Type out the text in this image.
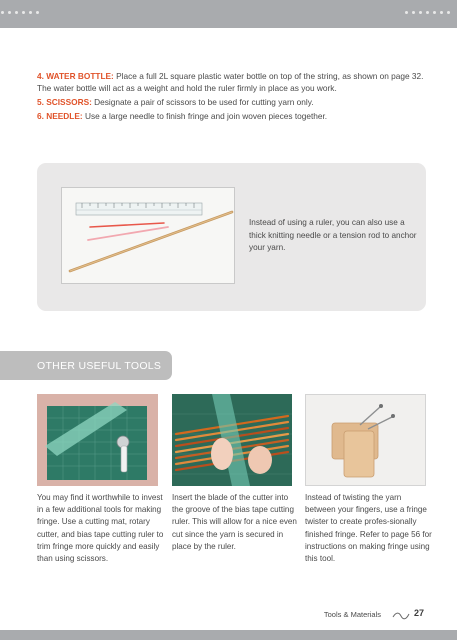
4. WATER BOTTLE: Place a full 2L square plastic water bottle on top of the string, as shown on page 32. The water bottle will act as a weight and hold the ruler firmly in place as you work.

5. SCISSORS: Designate a pair of scissors to be used for cutting yarn only.

6. NEEDLE: Use a large needle to finish fringe and join woven pieces together.

Instead of using a ruler, you can also use a thick knitting needle or a tension rod to anchor your yarn.

OTHER USEFUL TOOLS

You may find it worthwhile to invest in a few additional tools for making fringe. Use a cutting mat, rotary cutter, and bias tape cutting ruler to trim fringe more quickly and easily than using scissors.

Insert the blade of the cutter into the groove of the bias tape cutting ruler. This will allow for a nice even cut since the yarn is secured in place by the ruler.

Instead of twisting the yarn between your fingers, use a fringe twister to create profes-sionally finished fringe. Refer to page 56 for instructions on making fringe using this tool.

Tools & Materials	27
